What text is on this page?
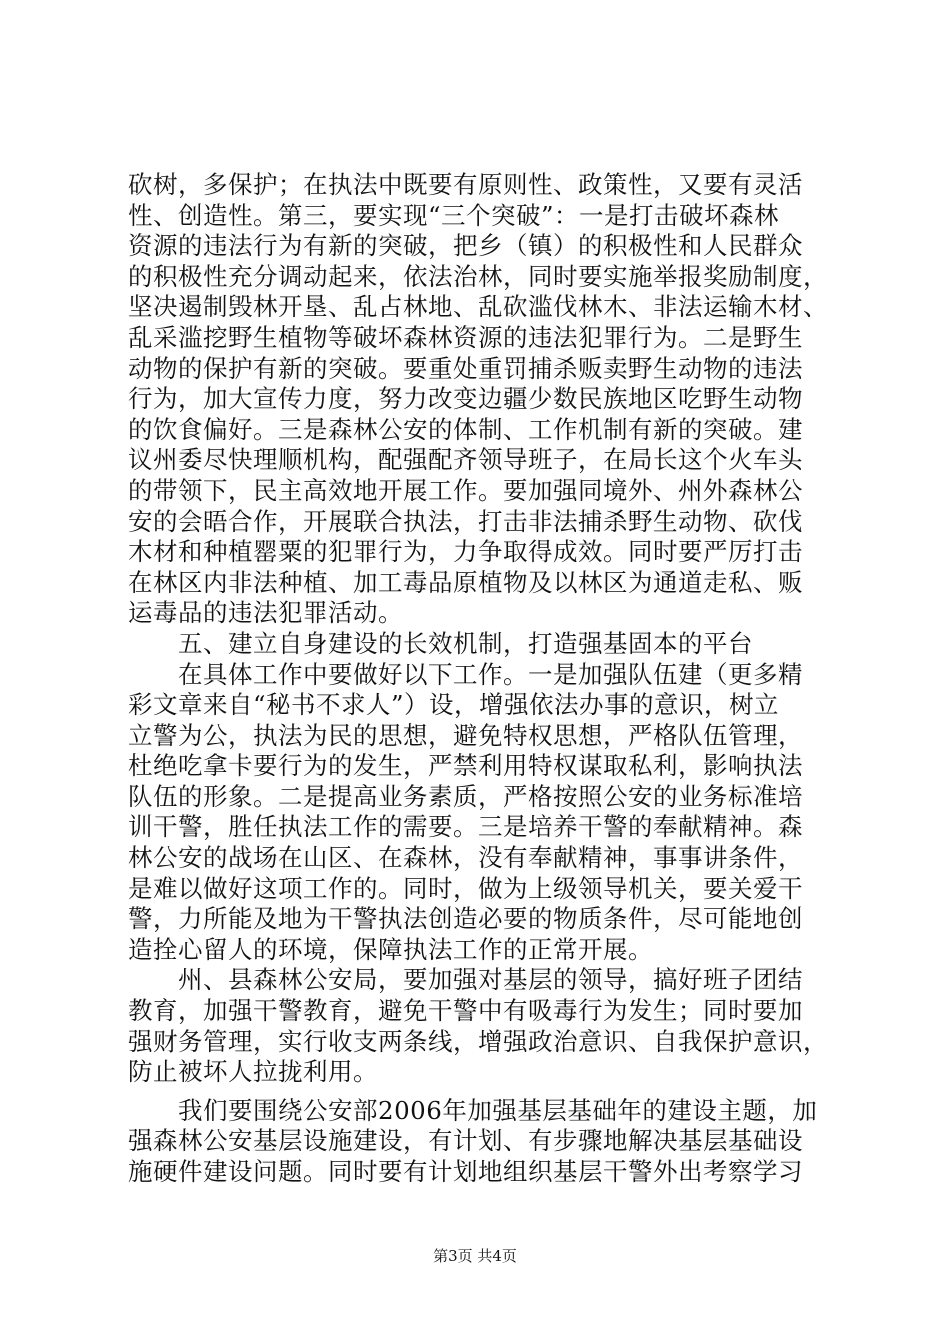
砍树，多保护；在执法中既要有原则性、政策性，又要有灵活
性、创造性。第三，要实现“三个突破”：一是打击破坏森林
资源的违法行为有新的突破，把乡（镇）的积极性和人民群众
的积极性充分调动起来，依法治林，同时要实施举报奖励制度，
坚决遏制毁林开垦、乱占林地、乱砍滥伐林木、非法运输木材、
乱采滥挖野生植物等破坏森林资源的违法犯罪行为。二是野生
动物的保护有新的突破。要重处重罚捕杀贩卖野生动物的违法
行为，加大宣传力度，努力改变边疆少数民族地区吃野生动物
的饮食偏好。三是森林公安的体制、工作机制有新的突破。建
议州委尽快理顺机构，配强配齐领导班子，在局长这个火车头
的带领下，民主高效地开展工作。要加强同境外、州外森林公
安的会晤合作，开展联合执法，打击非法捕杀野生动物、砍伐
木材和种植罂粟的犯罪行为，力争取得成效。同时要严厉打击
在林区内非法种植、加工毒品原植物及以林区为通道走私、贩
运毒品的违法犯罪活动。
五、建立自身建设的长效机制，打造强基固本的平台
在具体工作中要做好以下工作。一是加强队伍建（更多精
彩文章来自“秘书不求人”）设，增强依法办事的意识，树立
立警为公，执法为民的思想，避免特权思想，严格队伍管理，
杜绝吃拿卡要行为的发生，严禁利用特权谋取私利，影响执法
队伍的形象。二是提高业务素质，严格按照公安的业务标准培
训干警，胜任执法工作的需要。三是培养干警的奉献精神。森
林公安的战场在山区、在森林，没有奉献精神，事事讲条件，
是难以做好这项工作的。同时，做为上级领导机关，要关爱干
警，力所能及地为干警执法创造必要的物质条件，尽可能地创
造拴心留人的环境，保障执法工作的正常开展。
州、县森林公安局，要加强对基层的领导，搞好班子团结
教育，加强干警教育，避免干警中有吸毒行为发生；同时要加
强财务管理，实行收支两条线，增强政治意识、自我保护意识，
防止被坏人拉拢利用。
我们要围绕公安部2006年加强基层基础年的建设主题，加
强森林公安基层设施建设，有计划、有步骤地解决基层基础设
施硬件建设问题。同时要有计划地组织基层干警外出考察学习
第3页 共4页
